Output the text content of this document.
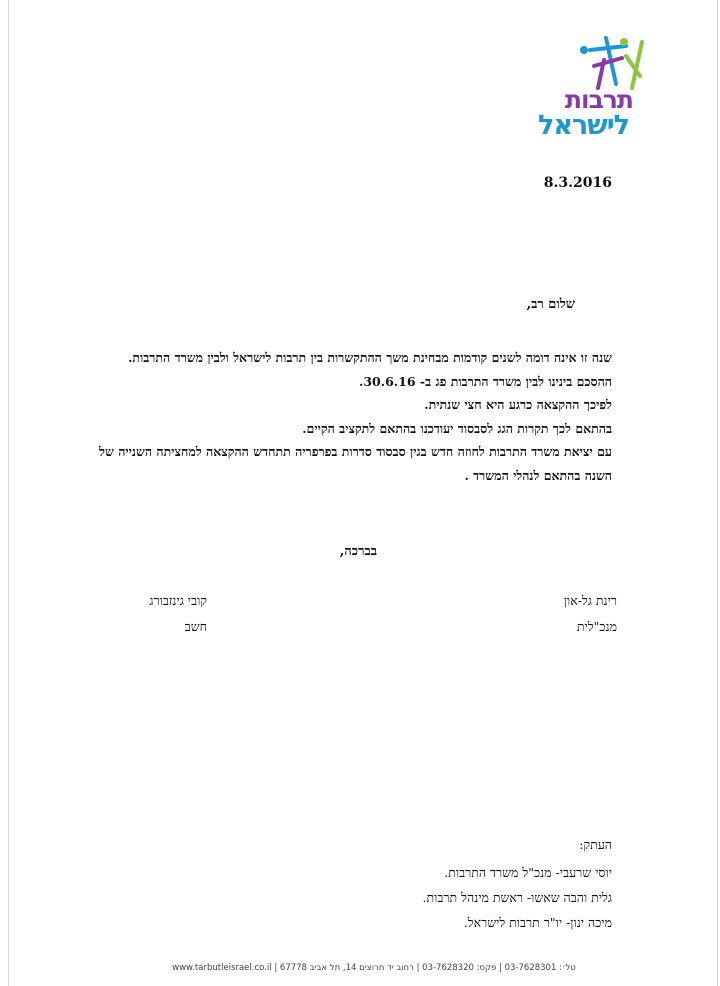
תרבות
לישראל
8.3.2016
שלום רב,
שנה זו אינה דומה לשנים קודמות מבחינת משך ההתקשרות בין תרבות לישראל ולבין משרד התרבות.
ההסכם בינינו לבין משרד התרבות פג ב- 30.6.16.
לפיכך ההקצאה כרגע היא חצי שנתית.
בהתאם לכך תקרות הגג לסבסוד יעודכנו בהתאם לתקציב הקיים.
עם יציאת משרד התרבות לחוזה חדש בגין סבסוד סדרות בפרפריה תתחדש ההקצאה למחציתה השנייה של
השנה בהתאם לנהלי המשרד .
בברכה,
רינת גל-און
מנכ"לית
קובי גינזבורג
חשב
העתק:
יוסי שרעבי- מנכ"ל משרד התרבות.
גלית והבה שאשו- ראשת מינהל תרבות.
מיכה ינון- יו"ר תרבות לישראל.
טל׳: 03-7628301 | פקס: 03-7628320 | רחוב יד חרוצים 14, תל אביב 67778 | www.tarbutleisrael.co.il
